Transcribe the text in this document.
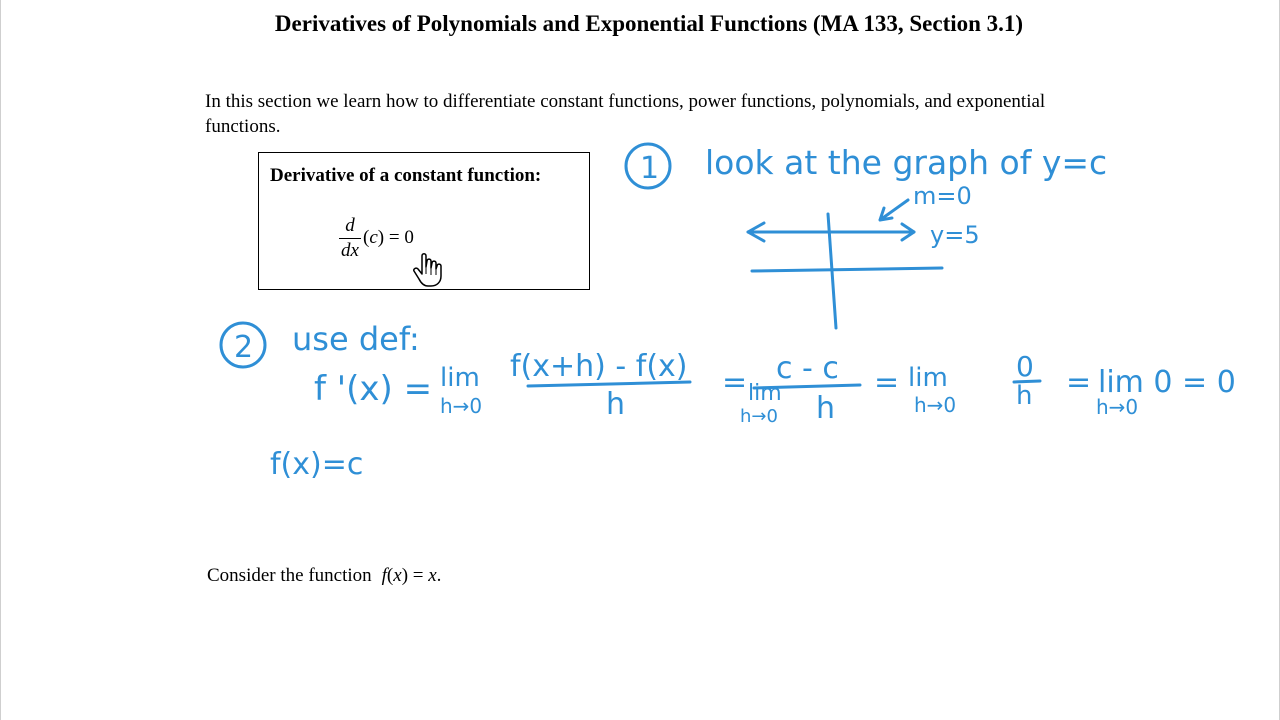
Derivatives of Polynomials and Exponential Functions (MA 133, Section 3.1)
In this section we learn how to differentiate constant functions, power functions, polynomials, and exponential functions.
Derivative of a constant function:
d
dx
(c) = 0
Consider the function f(x) = x.
1 look at the graph of y=c
m=0
y=5
2 use def:
f '(x) = lim
h→0
f(x+h) - f(x)
h
= lim
h→0
c - c
h
= lim
h→0
0
h = lim 0 = 0
h→0
f(x)=c
